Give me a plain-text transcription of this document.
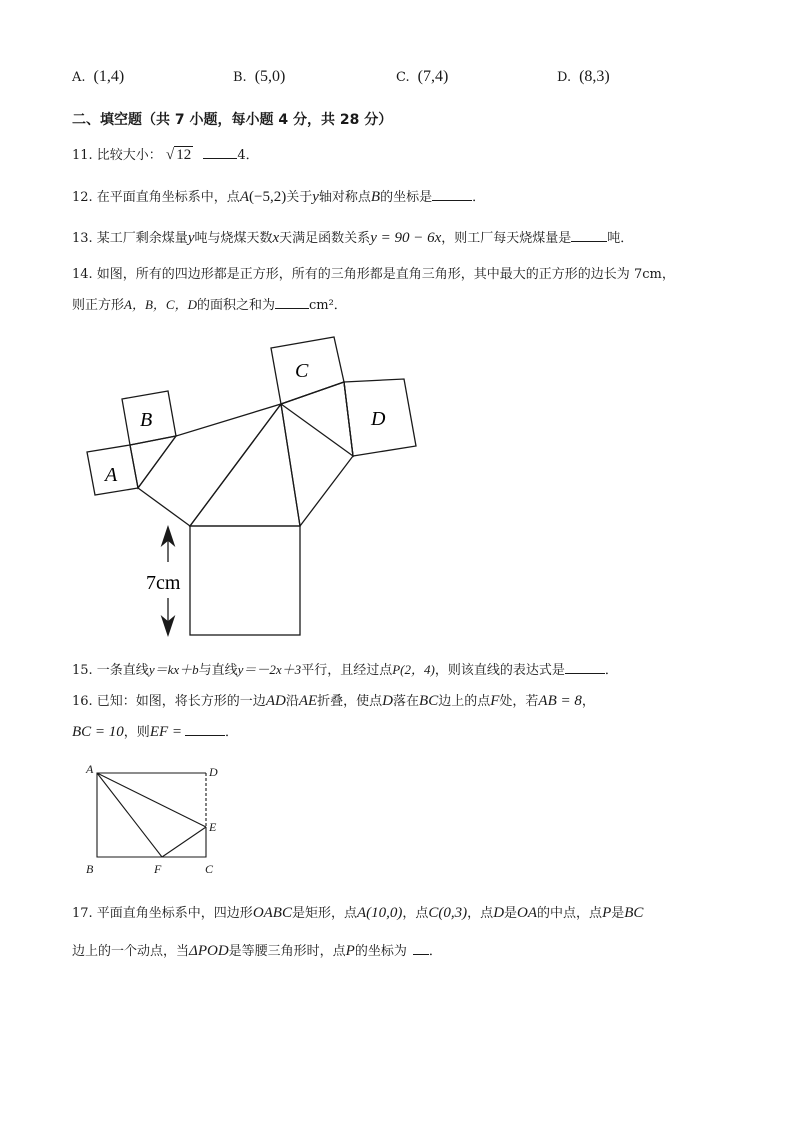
A. (1,4)	B. (5,0)	C. (7,4)	D. (8,3)
二、填空题（共 7 小题，每小题 4 分，共 28 分）
11. 比较大小： √ 12	4．
12. 在平面直角坐标系中，点A(−5,2)关于y轴对称点B的坐标是	．
13. 某工厂剩余煤量y吨与烧煤天数x天满足函数关系y = 90 − 6x，则工厂每天烧煤量是	吨．
14. 如图，所有的四边形都是正方形，所有的三角形都是直角三角形，其中最大的正方形的边长为 7cm，
则正方形A，B，C，D的面积之和为	cm²．
A
B
C
D
7cm
15. 一条直线y＝kx＋b与直线y＝－2x＋3平行，且经过点P(2，4)，则该直线的表达式是	．
16. 已知：如图，将长方形的一边AD沿AE折叠，使点D落在BC边上的点F处，若AB = 8，
BC = 10，则EF =	．
A	D
E
B	F	C
17. 平面直角坐标系中，四边形OABC是矩形，点A(10,0)，点C(0,3)，点D是OA的中点，点P是BC
边上的一个动点，当ΔPOD是等腰三角形时，点P的坐标为 ．
